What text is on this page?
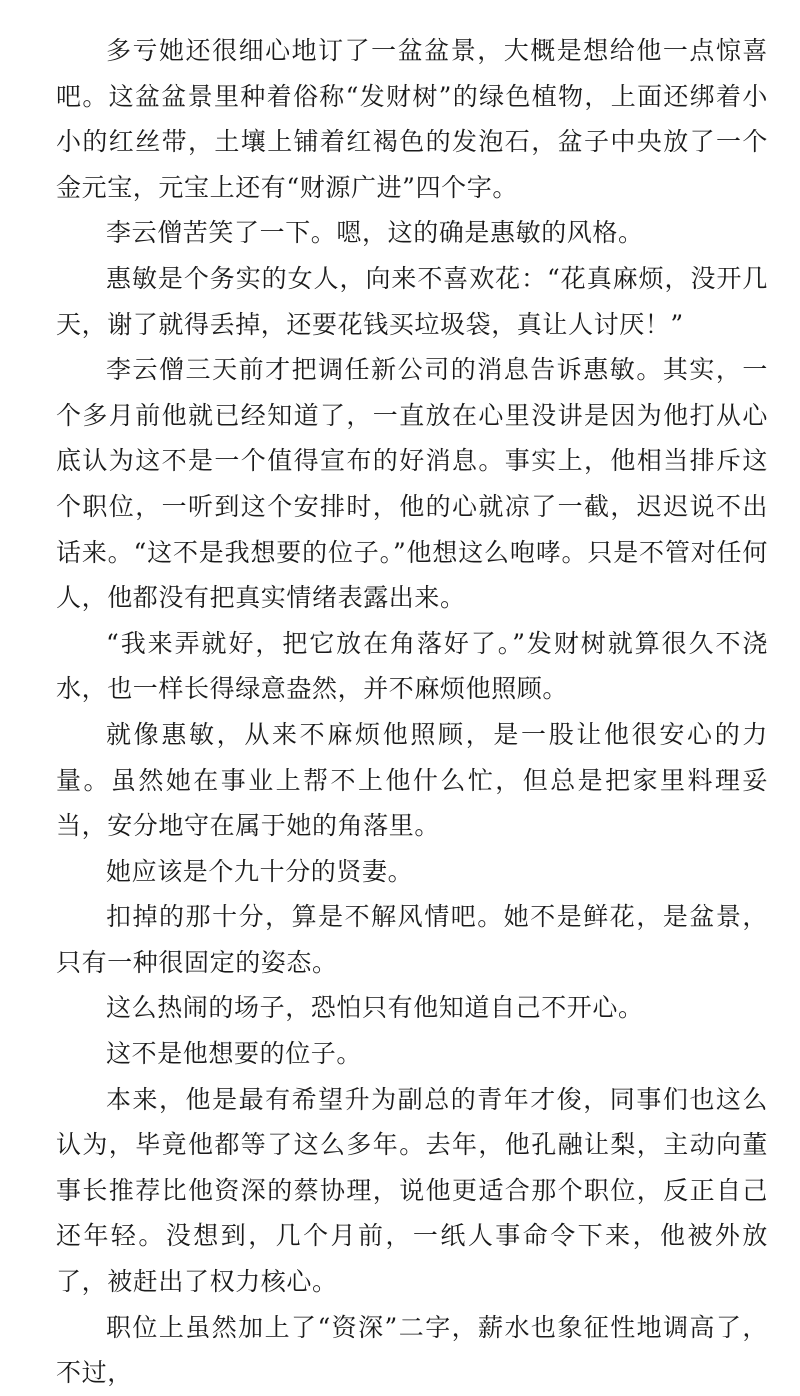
多亏她还很细心地订了一盆盆景，大概是想给他一点惊喜吧。这盆盆景里种着俗称“发财树”的绿色植物，上面还绑着小小的红丝带，土壤上铺着红褐色的发泡石，盆子中央放了一个金元宝，元宝上还有“财源广进”四个字。

李云僧苦笑了一下。嗯，这的确是惠敏的风格。

惠敏是个务实的女人，向来不喜欢花：“花真麻烦，没开几天，谢了就得丢掉，还要花钱买垃圾袋，真让人讨厌！”

李云僧三天前才把调任新公司的消息告诉惠敏。其实，一个多月前他就已经知道了，一直放在心里没讲是因为他打从心底认为这不是一个值得宣布的好消息。事实上，他相当排斥这个职位，一听到这个安排时，他的心就凉了一截，迟迟说不出话来。“这不是我想要的位子。”他想这么咆哮。只是不管对任何人，他都没有把真实情绪表露出来。

“我来弄就好，把它放在角落好了。”发财树就算很久不浇水，也一样长得绿意盎然，并不麻烦他照顾。

就像惠敏，从来不麻烦他照顾，是一股让他很安心的力量。虽然她在事业上帮不上他什么忙，但总是把家里料理妥当，安分地守在属于她的角落里。

她应该是个九十分的贤妻。

扣掉的那十分，算是不解风情吧。她不是鲜花，是盆景，只有一种很固定的姿态。

这么热闹的场子，恐怕只有他知道自己不开心。

这不是他想要的位子。

本来，他是最有希望升为副总的青年才俊，同事们也这么认为，毕竟他都等了这么多年。去年，他孔融让梨，主动向董事长推荐比他资深的蔡协理，说他更适合那个职位，反正自己还年轻。没想到，几个月前，一纸人事命令下来，他被外放了，被赶出了权力核心。

职位上虽然加上了“资深”二字，薪水也象征性地调高了，不过，
